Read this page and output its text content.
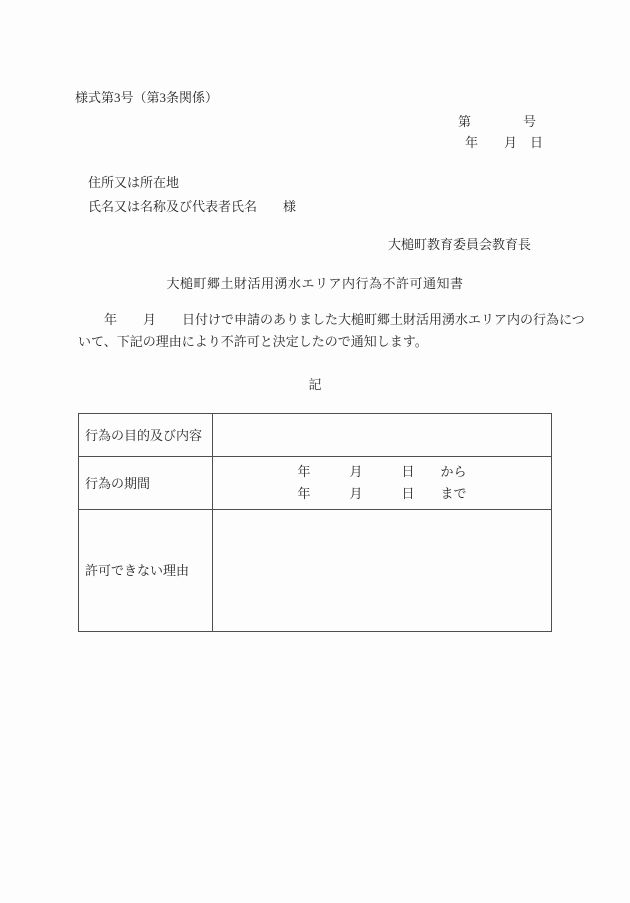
様式第3号（第3条関係）
第　　　　号
年　　月　日
住所又は所在地
氏名又は名称及び代表者氏名　　様
大槌町教育委員会教育長
大槌町郷土財活用湧水エリア内行為不許可通知書
　　年　　月　　日付けで申請のありました大槌町郷土財活用湧水エリア内の行為につ
いて、下記の理由により不許可と決定したので通知します。
記
行為の目的及び内容	
行為の期間	年　　　月　　　日　　から
年　　　月　　　日　　まで

許可できない理由	
